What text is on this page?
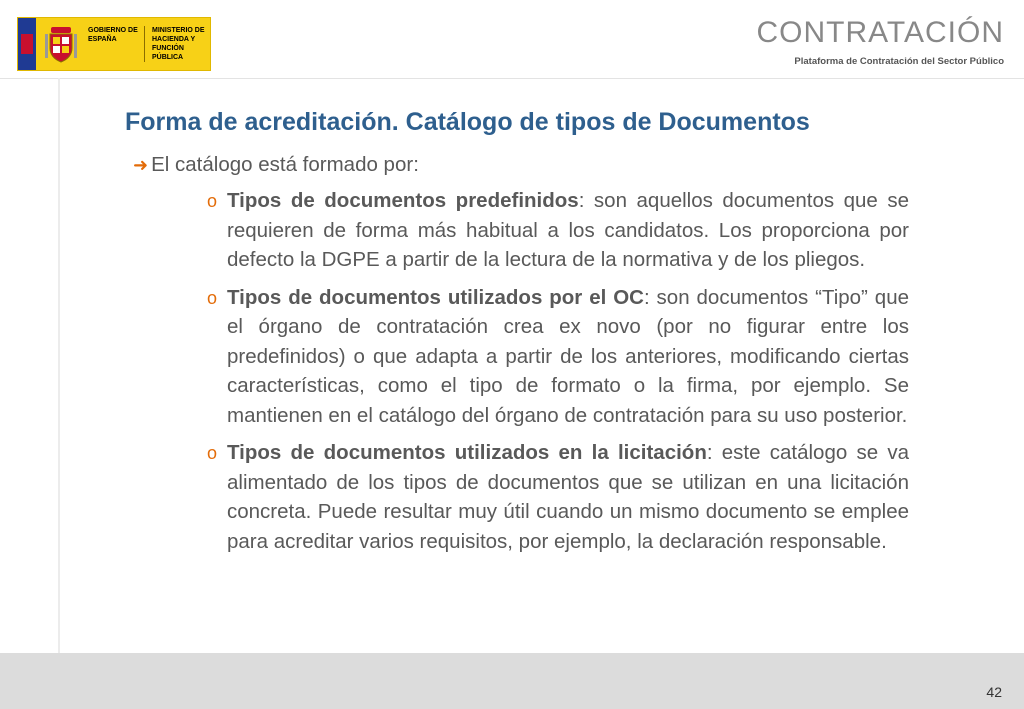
GOBIERNO DE ESPAÑA
MINISTERIO DE HACIENDA Y FUNCIÓN PÚBLICA
CONTRATACIÓN
Plataforma de Contratación del Sector Público
Forma de acreditación. Catálogo de tipos de Documentos
➜ El catálogo está formado por:
o Tipos de documentos predefinidos: son aquellos documentos que se requieren de forma más habitual a los candidatos. Los proporciona por defecto la DGPE a partir de la lectura de la normativa y de los pliegos.
o Tipos de documentos utilizados por el OC: son documentos “Tipo” que el órgano de contratación crea ex novo (por no figurar entre los predefinidos) o que adapta a partir de los anteriores, modificando ciertas características, como el tipo de formato o la firma, por ejemplo. Se mantienen en el catálogo del órgano de contratación para su uso posterior.
o Tipos de documentos utilizados en la licitación: este catálogo se va alimentado de los tipos de documentos que se utilizan en una licitación concreta. Puede resultar muy útil cuando un mismo documento se emplee para acreditar varios requisitos, por ejemplo, la declaración responsable.
42
